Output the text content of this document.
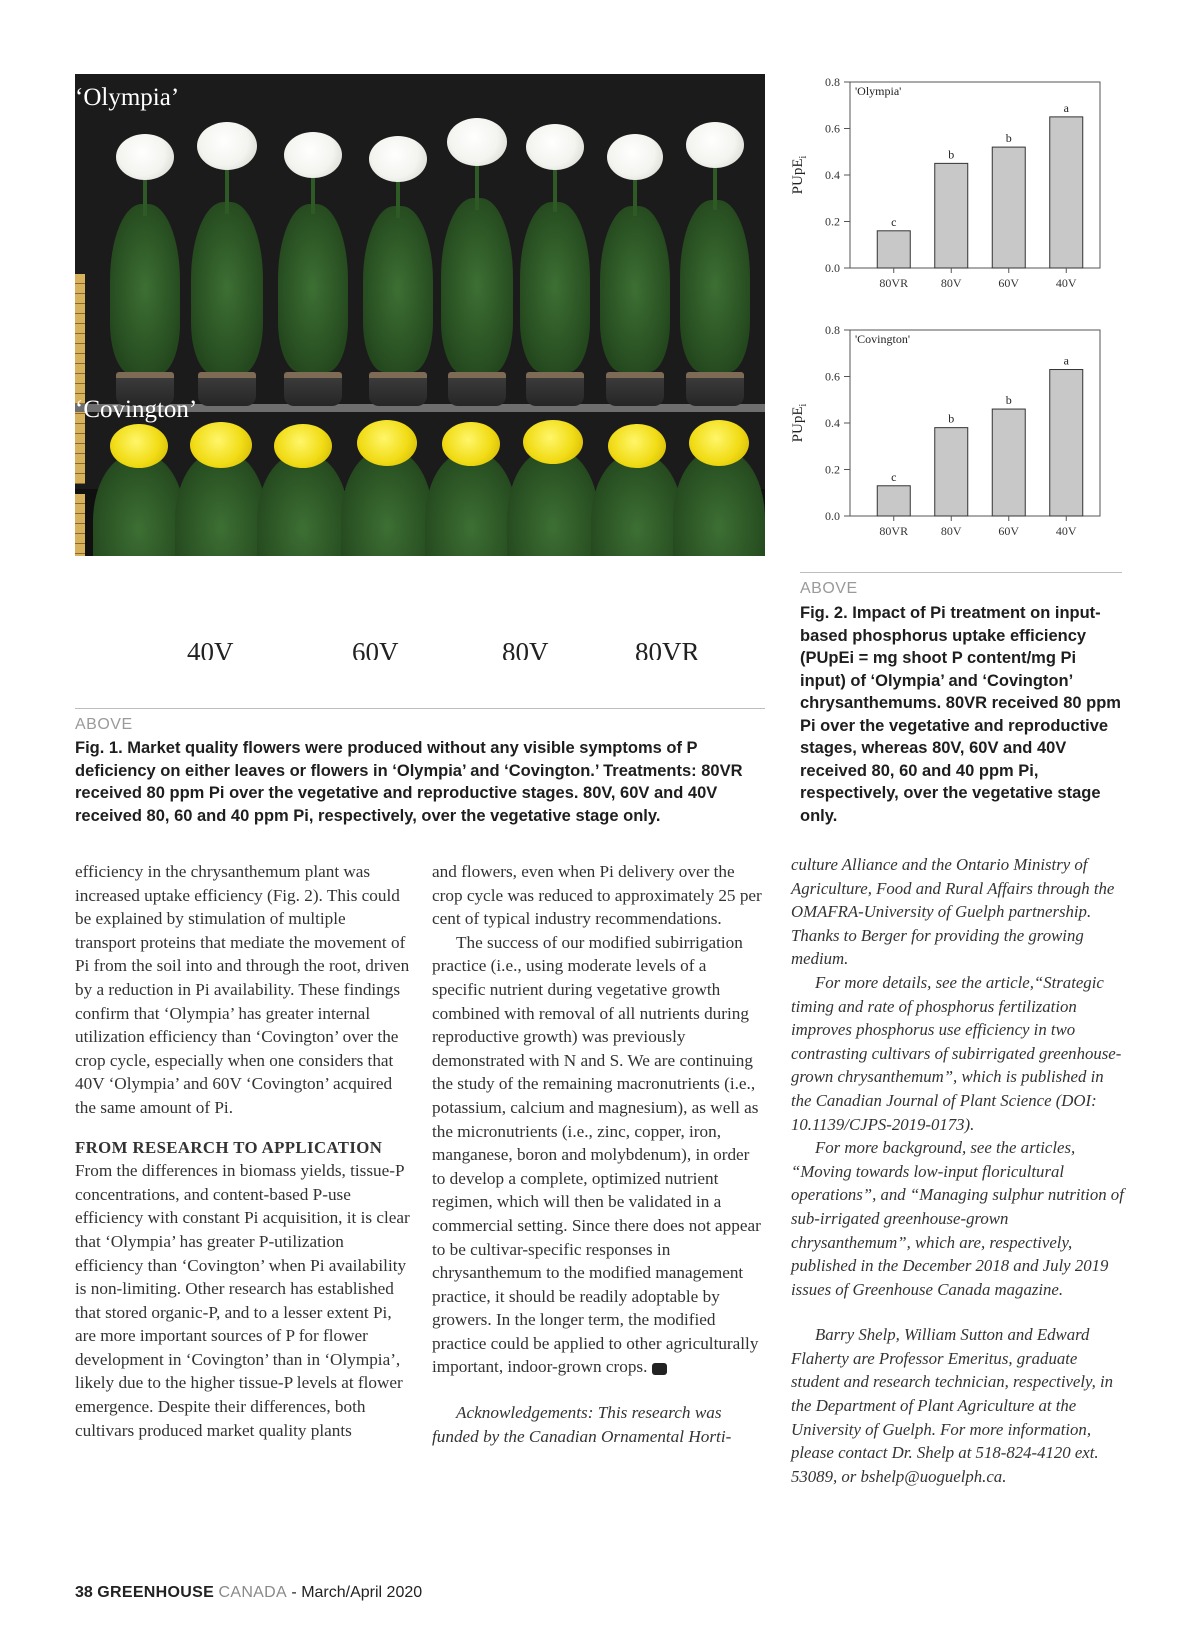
‘Olympia’
‘Covington’
40V	60V	80V	80VR
ABOVE
Fig. 1. Market quality flowers were produced without any visible symptoms of P deficiency on either leaves or flowers in ‘Olympia’ and ‘Covington.’ Treatments: 80VR received 80 ppm Pi over the vegetative and reproductive stages. 80V, 60V and 40V received 80, 60 and 40 ppm Pi, respectively, over the vegetative stage only.
0.0
0.2
0.4
0.6
0.8
PUpE$_i$
'Olympia'
c
80VR
b
80V
b
60V
a
40V
0.0
0.2
0.4
0.6
0.8
PUpE$_i$
'Covington'
c
80VR
b
80V
b
60V
a
40V
ABOVE
Fig. 2. Impact of Pi treatment on input-based phosphorus uptake efficiency (PUpEi = mg shoot P content/mg Pi input) of ‘Olympia’ and ‘Covington’ chrysanthemums. 80VR received 80 ppm Pi over the vegetative and reproductive stages, whereas 80V, 60V and 40V received 80, 60 and 40 ppm Pi, respectively, over the vegetative stage only.

efficiency in the chrysanthemum plant was increased uptake efficiency (Fig. 2). This could be explained by stimulation of multiple transport proteins that mediate the movement of Pi from the soil into and through the root, driven by a reduction in Pi availability. These findings confirm that ‘Olympia’ has greater internal utilization efficiency than ‘Covington’ over the crop cycle, especially when one considers that 40V ‘Olympia’ and 60V ‘Covington’ acquired the same amount of Pi.

FROM RESEARCH TO APPLICATION

From the differences in biomass yields, tissue-P concentrations, and content-based P-use efficiency with constant Pi acquisition, it is clear that ‘Olympia’ has greater P-utilization efficiency than ‘Covington’ when Pi availability is non-limiting. Other research has established that stored organic-P, and to a lesser extent Pi, are more important sources of P for flower development in ‘Covington’ than in ‘Olympia’, likely due to the higher tissue-P levels at flower emergence. Despite their differences, both cultivars produced market quality plants

and flowers, even when Pi delivery over the crop cycle was reduced to approximately 25 per cent of typical industry recommendations.

The success of our modified subirrigation practice (i.e., using moderate levels of a specific nutrient during vegetative growth combined with removal of all nutrients during reproductive growth) was previously demonstrated with N and S. We are continuing the study of the remaining macronutrients (i.e., potassium, calcium and magnesium), as well as the micronutrients (i.e., zinc, copper, iron, manganese, boron and molybdenum), in order to develop a complete, optimized nutrient regimen, which will then be validated in a commercial setting. Since there does not appear to be cultivar-specific responses in chrysanthemum to the modified management practice, it should be readily adoptable by growers. In the longer term, the modified practice could be applied to other agriculturally important, indoor-grown crops.	GC

Acknowledgements: This research was funded by the Canadian Ornamental Horti-

culture Alliance and the Ontario Ministry of Agriculture, Food and Rural Affairs through the OMAFRA-University of Guelph partnership. Thanks to Berger for providing the growing medium.

For more details, see the article,“Strategic timing and rate of phosphorus fertilization improves phosphorus use efficiency in two contrasting cultivars of subirrigated greenhouse-grown chrysanthemum”, which is published in the Canadian Journal of Plant Science (DOI: 10.1139/CJPS-2019-0173).

For more background, see the articles, “Moving towards low-input floricultural operations”, and “Managing sulphur nutrition of sub-irrigated greenhouse-grown chrysanthemum”, which are, respectively, published in the December 2018 and July 2019 issues of Greenhouse Canada magazine.

Barry Shelp, William Sutton and Edward Flaherty are Professor Emeritus, graduate student and research technician, respectively, in the Department of Plant Agriculture at the University of Guelph. For more information, please contact Dr. Shelp at 518-824-4120 ext. 53089, or bshelp@uoguelph.ca.

38 GREENHOUSE CANADA - March/April 2020
